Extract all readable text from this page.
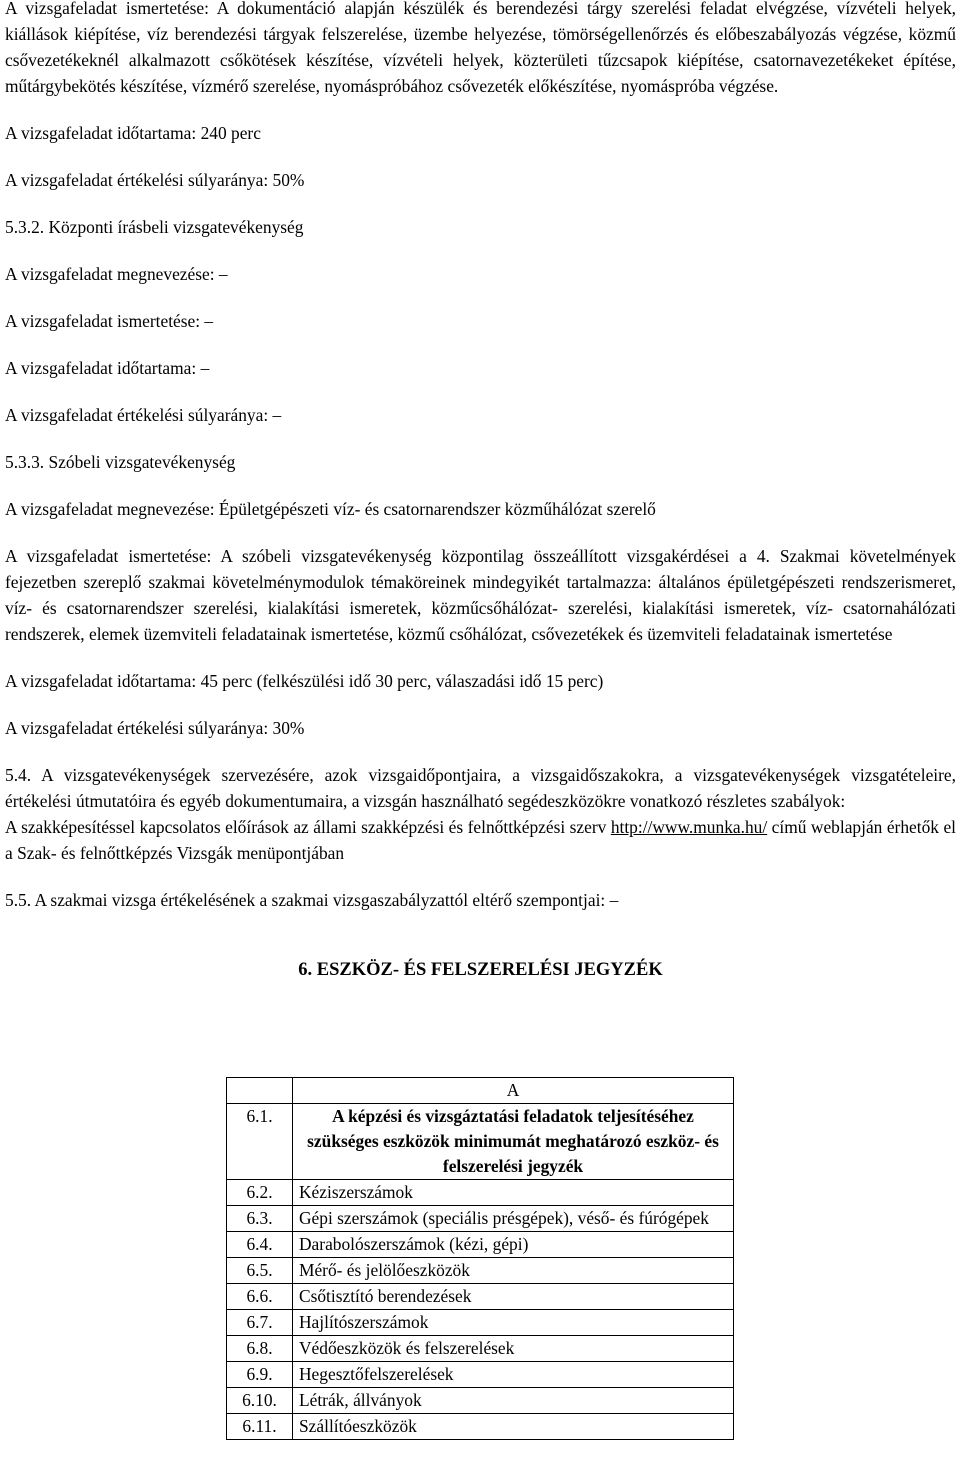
A vizsgafeladat ismertetése: A dokumentáció alapján készülék és berendezési tárgy szerelési feladat elvégzése, vízvételi helyek, kiállások kiépítése, víz berendezési tárgyak felszerelése, üzembe helyezése, tömörségellenőrzés és előbeszabályozás végzése, közmű csővezetékeknél alkalmazott csőkötések készítése, vízvételi helyek, közterületi tűzcsapok kiépítése, csatornavezetékeket építése, műtárgybekötés készítése, vízmérő szerelése, nyomáspróbához csővezeték előkészítése, nyomáspróba végzése.

A vizsgafeladat időtartama: 240 perc

A vizsgafeladat értékelési súlyaránya: 50%

5.3.2. Központi írásbeli vizsgatevékenység

A vizsgafeladat megnevezése: –

A vizsgafeladat ismertetése: –

A vizsgafeladat időtartama: –

A vizsgafeladat értékelési súlyaránya: –

5.3.3. Szóbeli vizsgatevékenység

A vizsgafeladat megnevezése: Épületgépészeti víz- és csatornarendszer közműhálózat szerelő

A vizsgafeladat ismertetése: A szóbeli vizsgatevékenység központilag összeállított vizsgakérdései a 4. Szakmai követelmények fejezetben szereplő szakmai követelménymodulok témaköreinek mindegyikét tartalmazza: általános épületgépészeti rendszerismeret, víz- és csatornarendszer szerelési, kialakítási ismeretek, közműcsőhálózat- szerelési, kialakítási ismeretek, víz- csatornahálózati rendszerek, elemek üzemviteli feladatainak ismertetése, közmű csőhálózat, csővezetékek és üzemviteli feladatainak ismertetése

A vizsgafeladat időtartama: 45 perc (felkészülési idő 30 perc, válaszadási idő 15 perc)

A vizsgafeladat értékelési súlyaránya: 30%

5.4. A vizsgatevékenységek szervezésére, azok vizsgaidőpontjaira, a vizsgaidőszakokra, a vizsgatevékenységek vizsgatételeire, értékelési útmutatóira és egyéb dokumentumaira, a vizsgán használható segédeszközökre vonatkozó részletes szabályok:

A szakképesítéssel kapcsolatos előírások az állami szakképzési és felnőttképzési szerv http://www.munka.hu/ című weblapján érhetők el a Szak- és felnőttképzés Vizsgák menüpontjában

5.5. A szakmai vizsga értékelésének a szakmai vizsgaszabályzattól eltérő szempontjai: –

6. ESZKÖZ- ÉS FELSZERELÉSI JEGYZÉK
	A
6.1.	A képzési és vizsgáztatási feladatok teljesítéséhez szükséges eszközök minimumát meghatározó eszköz- és felszerelési jegyzék
6.2.	Kéziszerszámok
6.3.	Gépi szerszámok (speciális présgépek), véső- és fúrógépek
6.4.	Darabolószerszámok (kézi, gépi)
6.5.	Mérő- és jelölőeszközök
6.6.	Csőtisztító berendezések
6.7.	Hajlítószerszámok
6.8.	Védőeszközök és felszerelések
6.9.	Hegesztőfelszerelések
6.10.	Létrák, állványok
6.11.	Szállítóeszközök
